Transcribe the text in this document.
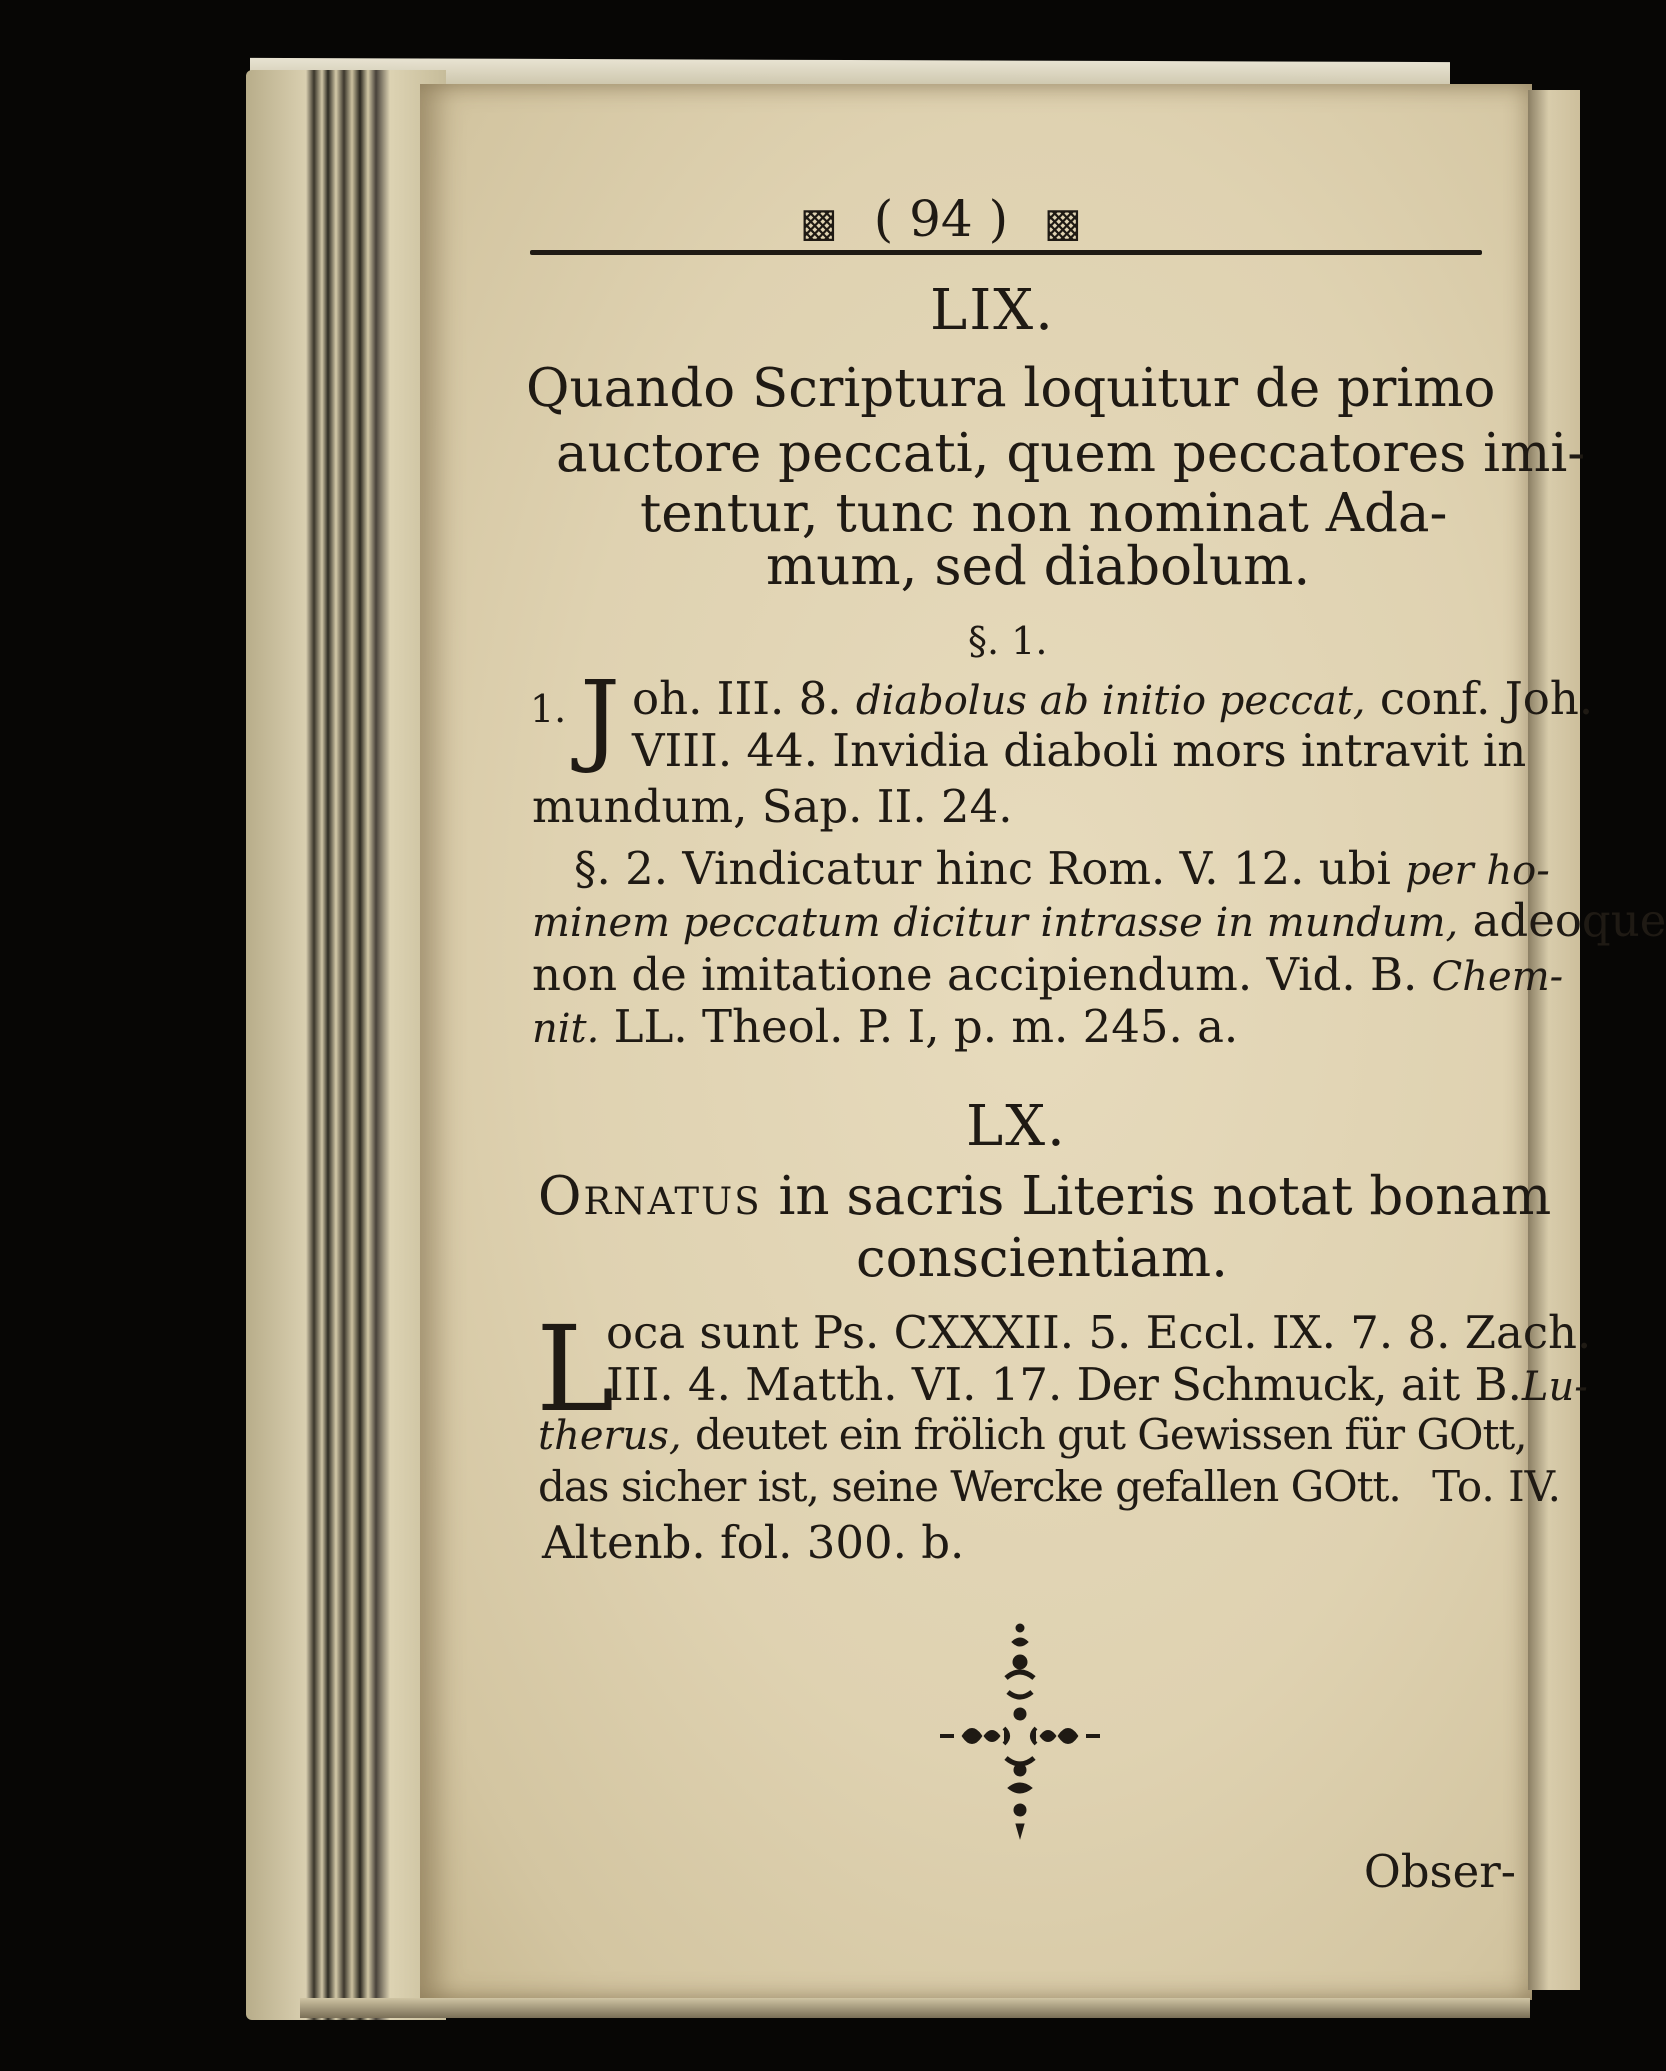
▩ ( 94 ) ▩
LIX.
Quando Scriptura loquitur de primo
auctore peccati, quem peccatores imi-
tentur, tunc non nominat Ada-
mum, sed diabolum.
§. 1.
1. J oh. III. 8. diabolus ab initio peccat, conf. Joh.
VIII. 44. Invidia diaboli mors intravit in
mundum, Sap. II. 24.
§. 2. Vindicatur hinc Rom. V. 12. ubi per ho-
minem peccatum dicitur intrasse in mundum, adeoque
non de imitatione accipiendum. Vid. B. Chem-
nit. LL. Theol. P. I, p. m. 245. a.
LX.
Ornatus in sacris Literis notat bonam
conscientiam.
L
oca sunt Ps. CXXXII. 5. Eccl. IX. 7. 8. Zach.
III. 4. Matth. VI. 17. Der Schmuck, ait B.Lu-
therus, deutet ein frölich gut Gewissen für GOtt,
das sicher ist, seine Wercke gefallen GOtt. To. IV.
Altenb. fol. 300. b.
Obser-
